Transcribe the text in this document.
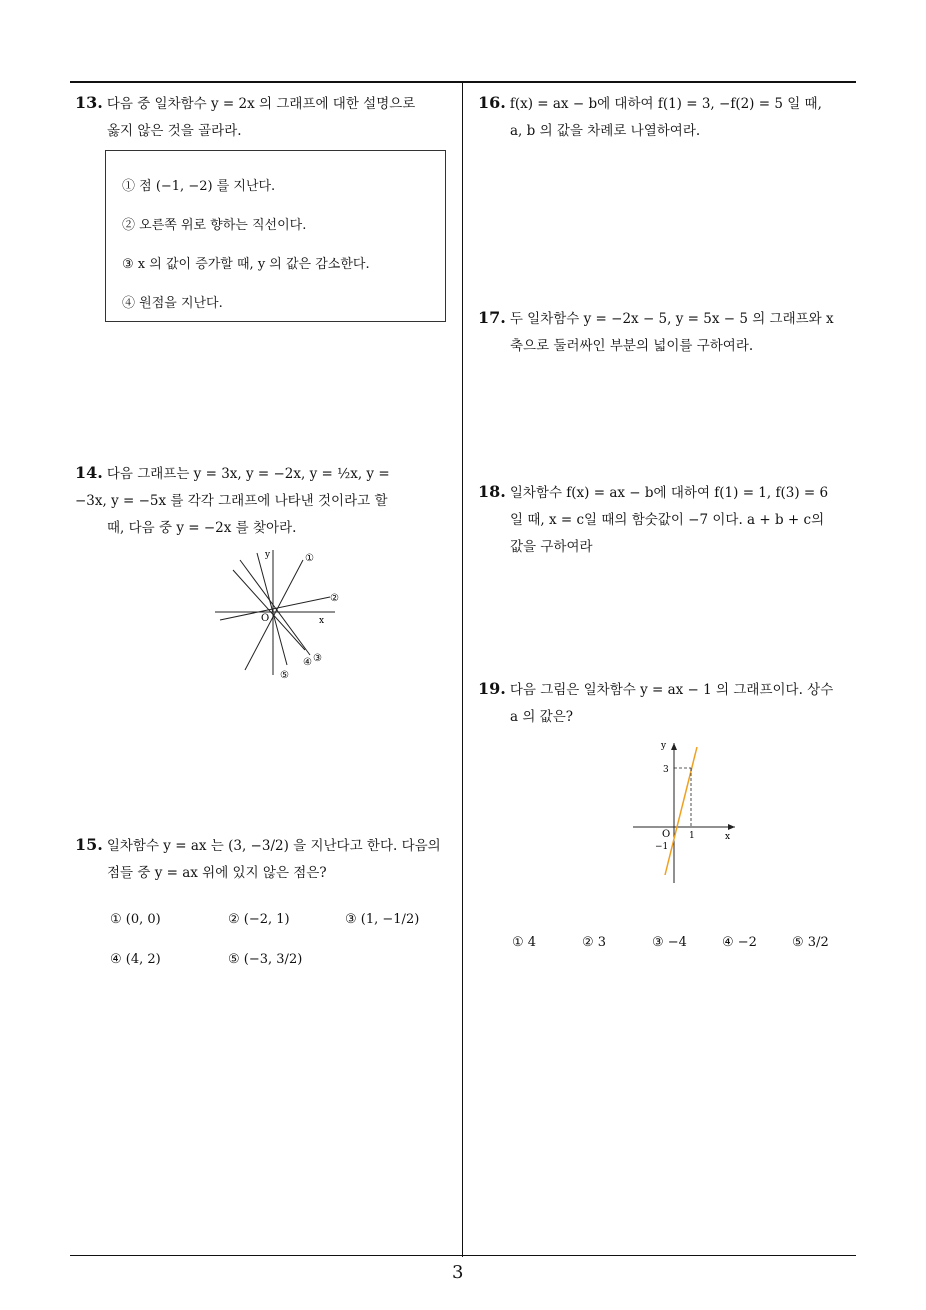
3
13. 다음 중 일차함수 y = 2x 의 그래프에 대한 설명으로
옳지 않은 것을 골라라.
① 점 (−1, −2) 를 지난다.
② 오른쪽 위로 향하는 직선이다.
③ x 의 값이 증가할 때, y 의 값은 감소한다.
④ 원점을 지난다.
14. 다음 그래프는 y = 3x, y = −2x, y = ½x, y =
−3x, y = −5x 를 각각 그래프에 나타낸 것이라고 할
때, 다음 중 y = −2x 를 찾아라.
y
x
O
①
②
③
④
⑤
15. 일차함수 y = ax 는 (3, −3/2) 을 지난다고 한다. 다음의
점들 중 y = ax 위에 있지 않은 점은?
① (0, 0)	② (−2, 1)	③ (1, −1/2)
④ (4, 2)	⑤ (−3, 3/2)
16. f(x) = ax − b에 대하여 f(1) = 3, −f(2) = 5 일 때,
a, b 의 값을 차례로 나열하여라.
17. 두 일차함수 y = −2x − 5, y = 5x − 5 의 그래프와 x
축으로 둘러싸인 부분의 넓이를 구하여라.
18. 일차함수 f(x) = ax − b에 대하여 f(1) = 1, f(3) = 6
일 때, x = c일 때의 함숫값이 −7 이다. a + b + c의
값을 구하여라
19. 다음 그림은 일차함수 y = ax − 1 의 그래프이다. 상수
a 의 값은?
y
x
O
3
−1
1
① 4	② 3	③ −4	④ −2	⑤ 3/2
